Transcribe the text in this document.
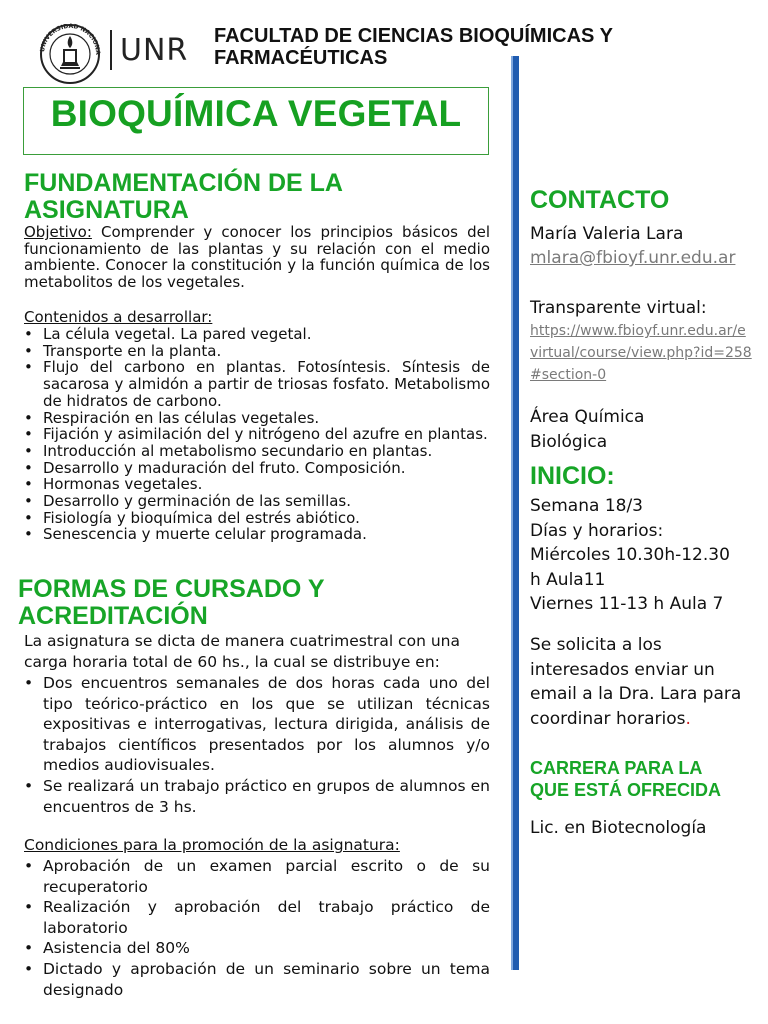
UNIVERSIDAD NACIONA UNR FACULTAD DE CIENCIAS BIOQUÍMICAS Y
FARMACÉUTICAS
BIOQUÍMICA VEGETAL
FUNDAMENTACIÓN DE LA
ASIGNATURA
Objetivo: Comprender y conocer los principios básicos del funcionamiento de las plantas y su relación con el medio ambiente. Conocer la constitución y la función química de los metabolitos de los vegetales.
Contenidos a desarrollar:
• La célula vegetal. La pared vegetal.
• Transporte en la planta.
• Flujo del carbono en plantas. Fotosíntesis. Síntesis de sacarosa y almidón a partir de triosas fosfato. Metabolismo de hidratos de carbono.
• Respiración en las células vegetales.
• Fijación y asimilación del y nitrógeno del azufre en plantas.
• Introducción al metabolismo secundario en plantas.
• Desarrollo y maduración del fruto. Composición.
• Hormonas vegetales.
• Desarrollo y germinación de las semillas.
• Fisiología y bioquímica del estrés abiótico.
• Senescencia y muerte celular programada.
FORMAS DE CURSADO Y
ACREDITACIÓN
La asignatura se dicta de manera cuatrimestral con una carga horaria total de 60 hs., la cual se distribuye en:
• Dos encuentros semanales de dos horas cada uno del tipo teórico-práctico en los que se utilizan técnicas expositivas e interrogativas, lectura dirigida, análisis de trabajos científicos presentados por los alumnos y/o medios audiovisuales.
• Se realizará un trabajo práctico en grupos de alumnos en encuentros de 3 hs.
Condiciones para la promoción de la asignatura:
• Aprobación de un examen parcial escrito o de su recuperatorio
• Realización y aprobación del trabajo práctico de laboratorio
• Asistencia del 80%
• Dictado y aprobación de un seminario sobre un tema designado
CONTACTO
María Valeria Lara
mlara@fbioyf.unr.edu.ar
Transparente virtual:
https://www.fbioyf.unr.edu.ar/evirtual/course/view.php?id=258#section-0
Área Química
Biológica
INICIO:
Semana 18/3
Días y horarios:
Miércoles 10.30h-12.30
h Aula11
Viernes 11-13 h Aula 7
Se solicita a los
interesados enviar un
email a la Dra. Lara para
coordinar horarios.
CARRERA PARA LA
QUE ESTÁ OFRECIDA
Lic. en Biotecnología
